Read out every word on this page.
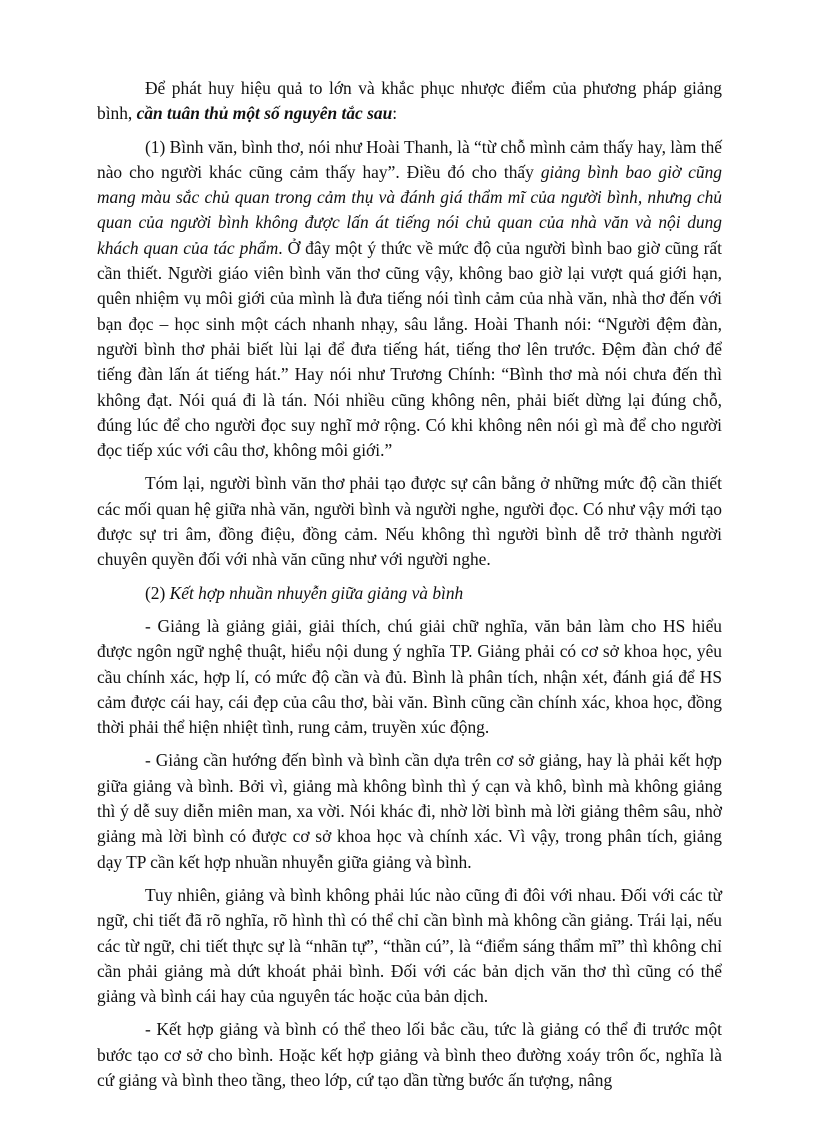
Để phát huy hiệu quả to lớn và khắc phục nhược điểm của phương pháp giảng bình, cần tuân thủ một số nguyên tắc sau:

(1) Bình văn, bình thơ, nói như Hoài Thanh, là “từ chỗ mình cảm thấy hay, làm thế nào cho người khác cũng cảm thấy hay”. Điều đó cho thấy giảng bình bao giờ cũng mang màu sắc chủ quan trong cảm thụ và đánh giá thẩm mĩ của người bình, nhưng chủ quan của người bình không được lấn át tiếng nói chủ quan của nhà văn và nội dung khách quan của tác phẩm. Ở đây một ý thức về mức độ của người bình bao giờ cũng rất cần thiết. Người giáo viên bình văn thơ cũng vậy, không bao giờ lại vượt quá giới hạn, quên nhiệm vụ môi giới của mình là đưa tiếng nói tình cảm của nhà văn, nhà thơ đến với bạn đọc – học sinh một cách nhanh nhạy, sâu lắng. Hoài Thanh nói: “Người đệm đàn, người bình thơ phải biết lùi lại để đưa tiếng hát, tiếng thơ lên trước. Đệm đàn chớ để tiếng đàn lấn át tiếng hát.” Hay nói như Trương Chính: “Bình thơ mà nói chưa đến thì không đạt. Nói quá đi là tán. Nói nhiều cũng không nên, phải biết dừng lại đúng chỗ, đúng lúc để cho người đọc suy nghĩ mở rộng. Có khi không nên nói gì mà để cho người đọc tiếp xúc với câu thơ, không môi giới.”

Tóm lại, người bình văn thơ phải tạo được sự cân bằng ở những mức độ cần thiết các mối quan hệ giữa nhà văn, người bình và người nghe, người đọc. Có như vậy mới tạo được sự tri âm, đồng điệu, đồng cảm. Nếu không thì người bình dễ trở thành người chuyên quyền đối với nhà văn cũng như với người nghe.

(2) Kết hợp nhuần nhuyễn giữa giảng và bình

- Giảng là giảng giải, giải thích, chú giải chữ nghĩa, văn bản làm cho HS hiểu được ngôn ngữ nghệ thuật, hiểu nội dung ý nghĩa TP. Giảng phải có cơ sở khoa học, yêu cầu chính xác, hợp lí, có mức độ cần và đủ. Bình là phân tích, nhận xét, đánh giá để HS cảm được cái hay, cái đẹp của câu thơ, bài văn. Bình cũng cần chính xác, khoa học, đồng thời phải thể hiện nhiệt tình, rung cảm, truyền xúc động.

- Giảng cần hướng đến bình và bình cần dựa trên cơ sở giảng, hay là phải kết hợp giữa giảng và bình. Bởi vì, giảng mà không bình thì ý cạn và khô, bình mà không giảng thì ý dễ suy diễn miên man, xa vời. Nói khác đi, nhờ lời bình mà lời giảng thêm sâu, nhờ giảng mà lời bình có được cơ sở khoa học và chính xác. Vì vậy, trong phân tích, giảng dạy TP cần kết hợp nhuần nhuyễn giữa giảng và bình.

Tuy nhiên, giảng và bình không phải lúc nào cũng đi đôi với nhau. Đối với các từ ngữ, chi tiết đã rõ nghĩa, rõ hình thì có thể chỉ cần bình mà không cần giảng. Trái lại, nếu các từ ngữ, chi tiết thực sự là “nhãn tự”, “thần cú”, là “điểm sáng thẩm mĩ” thì không chỉ cần phải giảng mà dứt khoát phải bình. Đối với các bản dịch văn thơ thì cũng có thể giảng và bình cái hay của nguyên tác hoặc của bản dịch.

- Kết hợp giảng và bình có thể theo lối bắc cầu, tức là giảng có thể đi trước một bước tạo cơ sở cho bình. Hoặc kết hợp giảng và bình theo đường xoáy trôn ốc, nghĩa là cứ giảng và bình theo tầng, theo lớp, cứ tạo dần từng bước ấn tượng, nâng
